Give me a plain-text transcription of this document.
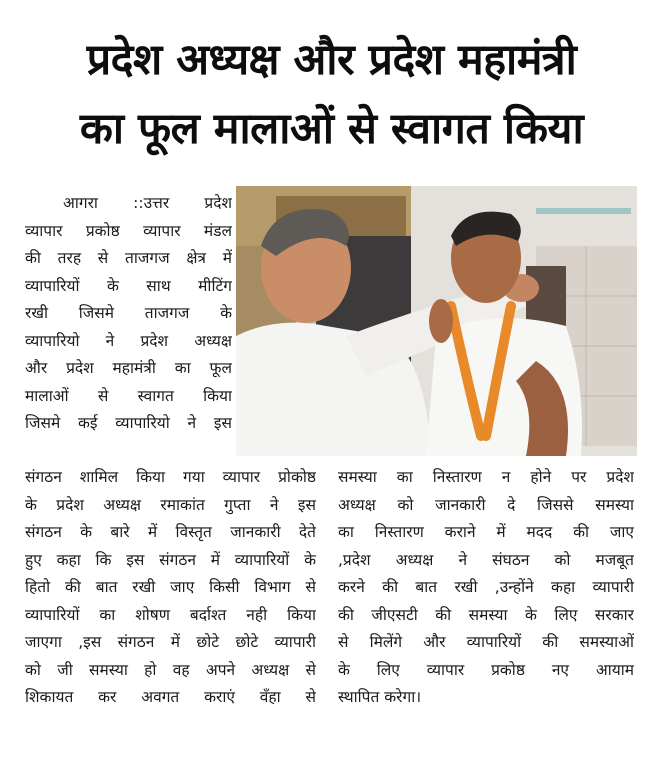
प्रदेश अध्यक्ष और प्रदेश महामंत्री
का फूल मालाओं से स्वागत किया
आगरा ::उत्तर प्रदेश
व्यापार प्रकोष्ठ व्यापार मंडल
की तरह से ताजगज क्षेत्र में
व्यापारियों के साथ मीटिंग
रखी जिसमे ताजगज के
व्यापारियो ने प्रदेश अध्यक्ष
और प्रदेश महामंत्री का फूल
मालाओं से स्वागत किया
जिसमे कई व्यापारियो ने इस
संगठन शामिल किया गया व्यापार प्रोकोष्ठ
के प्रदेश अध्यक्ष रमाकांत गुप्ता ने इस
संगठन के बारे में विस्तृत जानकारी देते
हुए कहा कि इस संगठन में व्यापारियों के
हितो की बात रखी जाए किसी विभाग से
व्यापारियों का शोषण बर्दाश्त नही किया
जाएगा ,इस संगठन में छोटे छोटे व्यापारी
को जी समस्या हो वह अपने अध्यक्ष से
शिकायत कर अवगत कराएं वँहा से
समस्या का निस्तारण न होने पर प्रदेश
अध्यक्ष को जानकारी दे जिससे समस्या
का निस्तारण कराने में मदद की जाए
,प्रदेश अध्यक्ष ने संघठन को मजबूत
करने की बात रखी ,उन्होंने कहा व्यापारी
की जीएसटी की समस्या के लिए सरकार
से मिलेंगे और व्यापारियों की समस्याओं
के लिए व्यापार प्रकोष्ठ नए आयाम
स्थापित करेगा।
